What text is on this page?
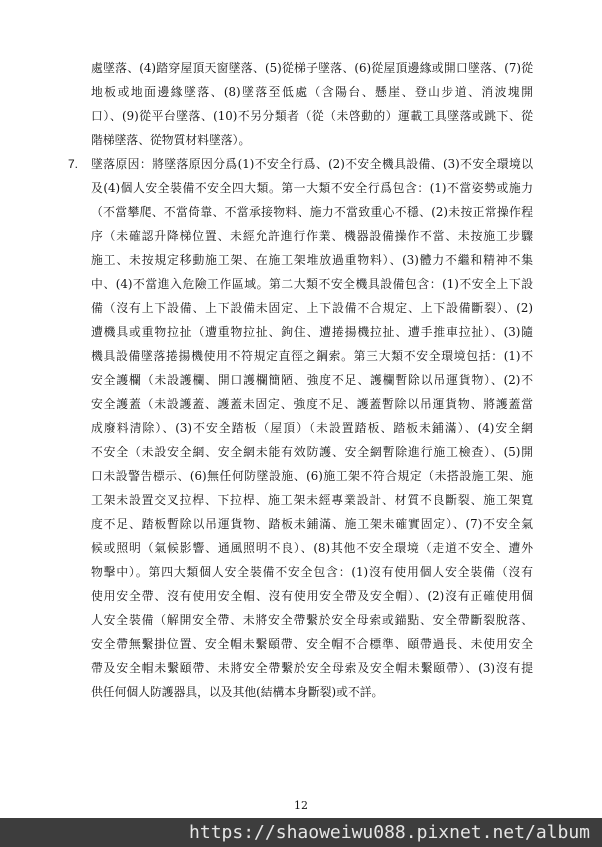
處墜落、(4)踏穿屋頂天窗墜落、(5)從梯子墜落、(6)從屋頂邊緣或開口墜落、(7)從
地板或地面邊緣墜落、(8)墜落至低處（含陽台、懸崖、登山步道、消波塊開
口）、(9)從平台墜落、(10)不另分類者（從（未啓動的）運載工具墜落或跳下、從
階梯墜落、從物質材料墜落）。
7. 墜落原因：將墜落原因分爲(1)不安全行爲、(2)不安全機具設備、(3)不安全環境以
及(4)個人安全裝備不安全四大類。第一大類不安全行爲包含：(1)不當姿勢或施力
（不當攀爬、不當倚靠、不當承接物料、施力不當致重心不穩、(2)未按正常操作程
序（未確認升降梯位置、未經允許進行作業、機器設備操作不當、未按施工步驟
施工、未按規定移動施工架、在施工架堆放過重物料）、(3)體力不繼和精神不集
中、(4)不當進入危險工作區域。第二大類不安全機具設備包含：(1)不安全上下設
備（沒有上下設備、上下設備未固定、上下設備不合規定、上下設備斷裂）、(2)
遭機具或重物拉扯（遭重物拉扯、鉤住、遭捲揚機拉扯、遭手推車拉扯）、(3)隨
機具設備墜落捲揚機使用不符規定直徑之鋼索。第三大類不安全環境包括：(1)不
安全護欄（未設護欄、開口護欄簡陋、強度不足、護欄暫除以吊運貨物）、(2)不
安全護蓋（未設護蓋、護蓋未固定、強度不足、護蓋暫除以吊運貨物、將護蓋當
成廢料清除）、(3)不安全踏板（屋頂）（未設置踏板、踏板未鋪滿）、(4)安全網
不安全（未設安全網、安全網未能有效防護、安全網暫除進行施工檢查）、(5)開
口未設警告標示、(6)無任何防墜設施、(6)施工架不符合規定（未搭設施工架、施
工架未設置交叉拉桿、下拉桿、施工架未經專業設計、材質不良斷裂、施工架寬
度不足、踏板暫除以吊運貨物、踏板未鋪滿、施工架未確實固定）、(7)不安全氣
候或照明（氣候影響、通風照明不良）、(8)其他不安全環境（走道不安全、遭外
物擊中）。第四大類個人安全裝備不安全包含：(1)沒有使用個人安全裝備（沒有
使用安全帶、沒有使用安全帽、沒有使用安全帶及安全帽）、(2)沒有正確使用個
人安全裝備（解開安全帶、未將安全帶繫於安全母索或錨點、安全帶斷裂脫落、
安全帶無繫掛位置、安全帽未繫頤帶、安全帽不合標準、頤帶過長、未使用安全
帶及安全帽未繫頤帶、未將安全帶繫於安全母索及安全帽未繫頤帶）、(3)沒有提
供任何個人防護器具，以及其他(結構本身斷裂)或不詳。
12
https://shaoweiwu088.pixnet.net/album
